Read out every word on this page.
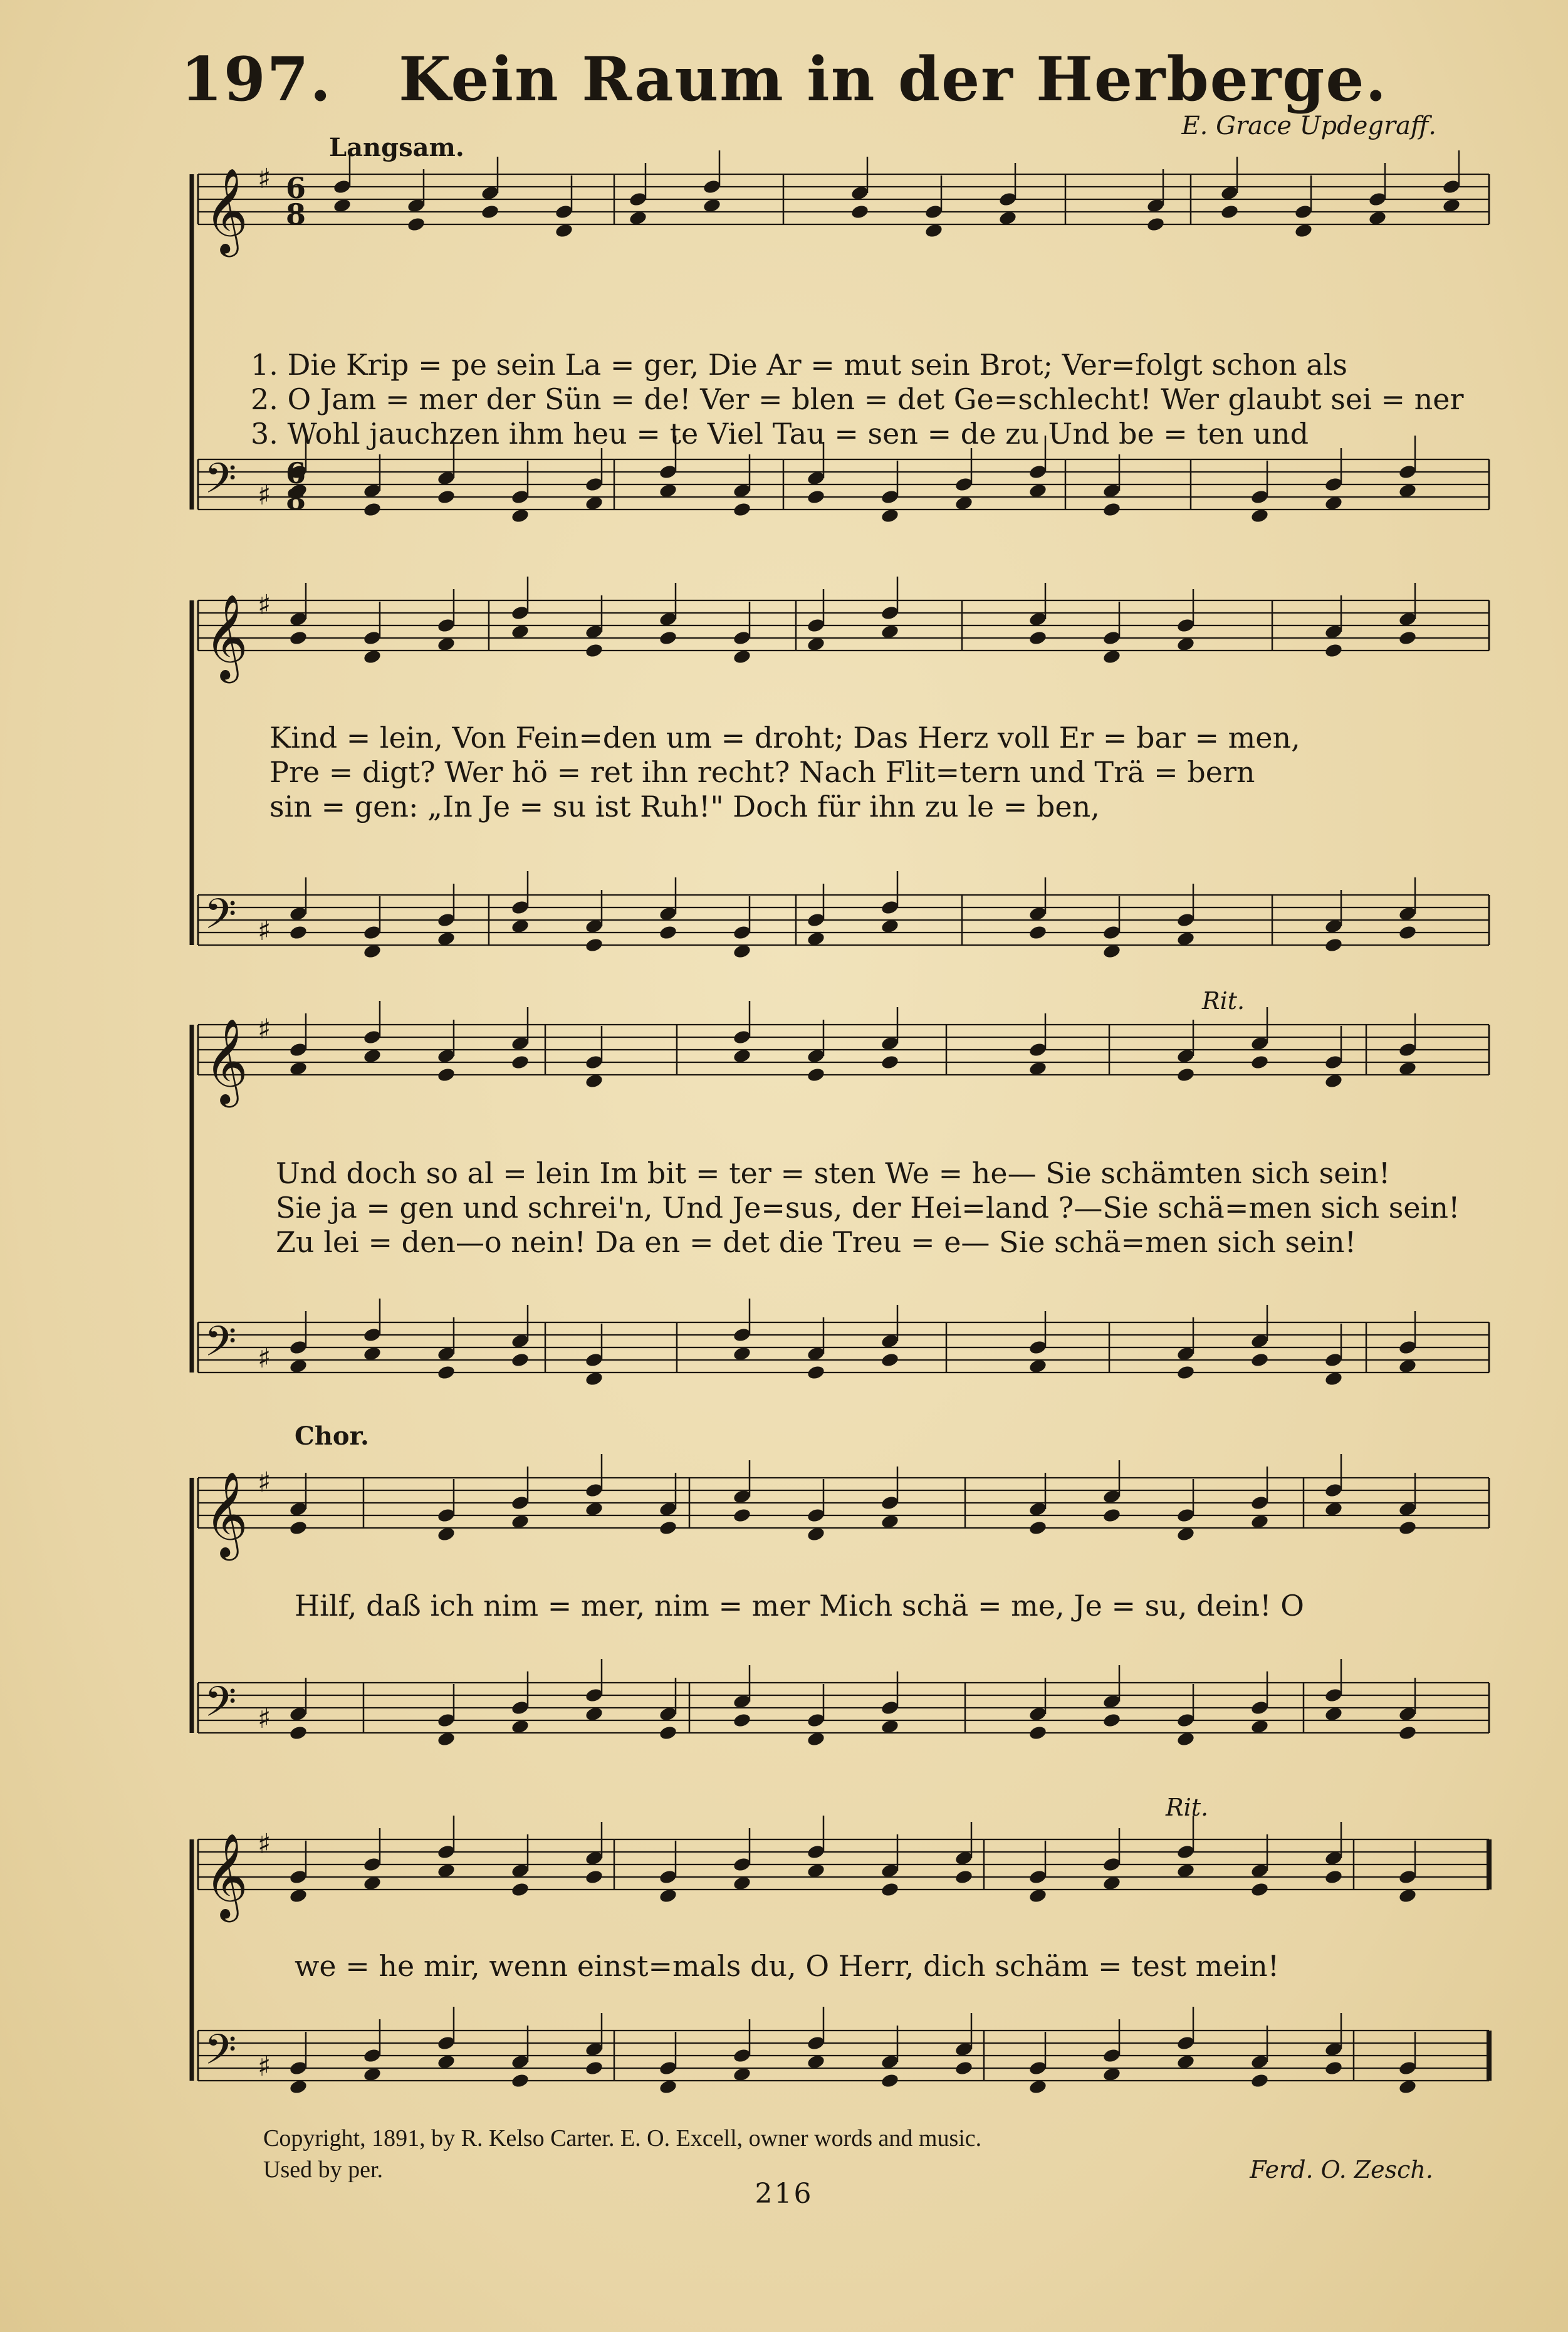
197. Kein Raum in der Herberge.
E. Grace Updegraff.
Langsam.
Rit.
Chor.
Rit.
𝄞 ♯
𝄢 ♯
6
8
6
8
𝄞 ♯
𝄢 ♯
𝄞 ♯
𝄢 ♯
𝄞 ♯
𝄢 ♯
𝄞 ♯
𝄢 ♯
1. Die Krip = pe sein La = ger, Die Ar = mut sein Brot; Ver=folgt schon als
2. O Jam = mer der Sün = de! Ver = blen = det Ge=schlecht! Wer glaubt sei = ner
3. Wohl jauchzen ihm heu = te Viel Tau = sen = de zu Und be = ten und
Kind = lein, Von Fein=den um = droht; Das Herz voll Er = bar = men,
Pre = digt? Wer hö = ret ihn recht? Nach Flit=tern und Trä = bern
sin = gen: „In Je = su ist Ruh!" Doch für ihn zu le = ben,
Und doch so al = lein Im bit = ter = sten We = he— Sie schämten sich sein!
Sie ja = gen und schrei'n, Und Je=sus, der Hei=land ?—Sie schä=men sich sein!
Zu lei = den—o nein! Da en = det die Treu = e— Sie schä=men sich sein!
Hilf, daß ich nim = mer, nim = mer Mich schä = me, Je = su, dein! O
we = he mir, wenn einst=mals du, O Herr, dich schäm = test mein!
Copyright, 1891, by R. Kelso Carter. E. O. Excell, owner words and music.
Used by per.	Ferd. O. Zesch.
216
